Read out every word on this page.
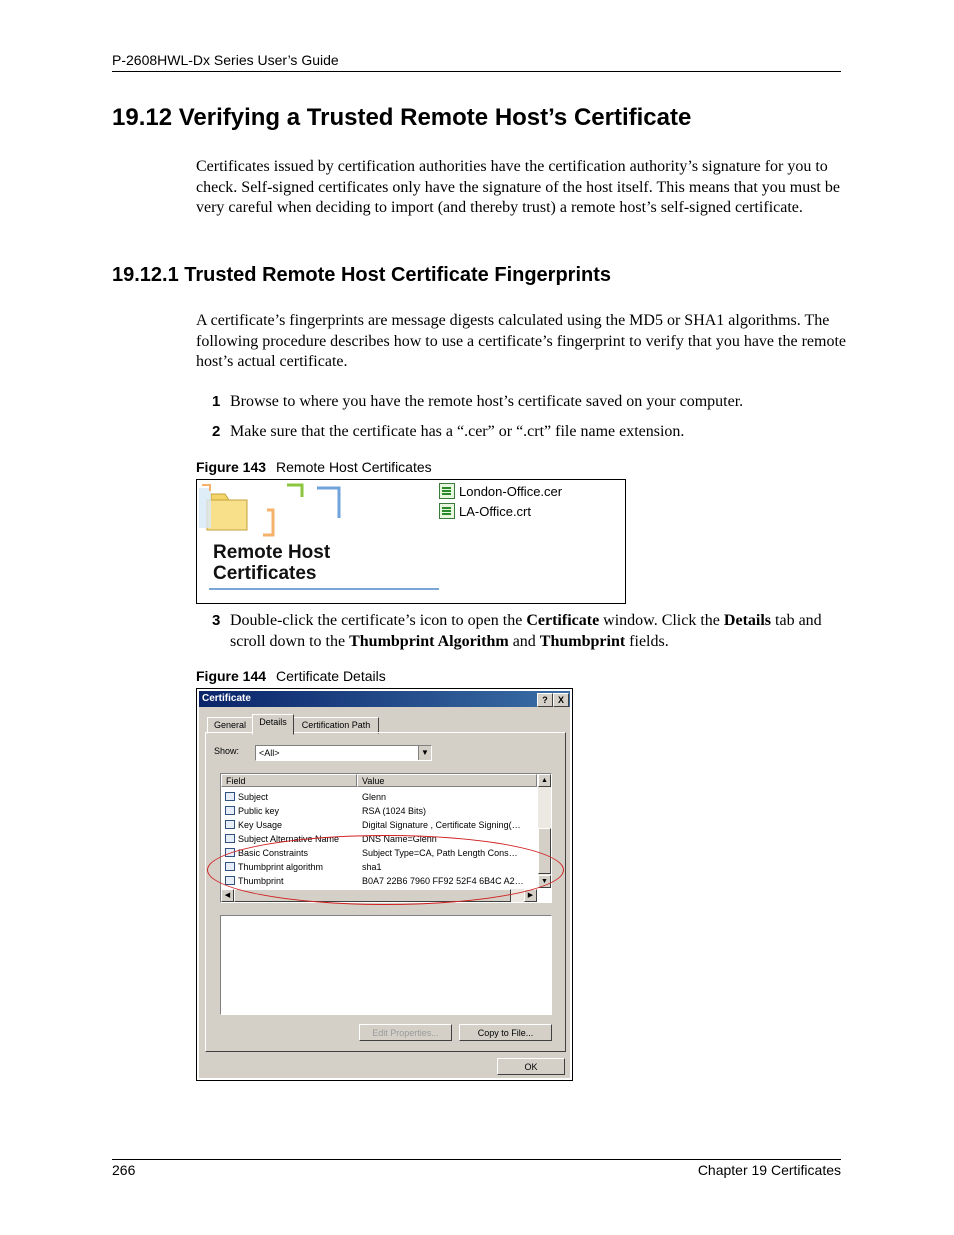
P-2608HWL-Dx Series User’s Guide
19.12 Verifying a Trusted Remote Host’s Certificate
Certificates issued by certification authorities have the certification authority’s signature for you to check. Self-signed certificates only have the signature of the host itself. This means that you must be very careful when deciding to import (and thereby trust) a remote host’s self-signed certificate.
19.12.1 Trusted Remote Host Certificate Fingerprints
A certificate’s fingerprints are message digests calculated using the MD5 or SHA1 algorithms. The following procedure describes how to use a certificate’s fingerprint to verify that you have the remote host’s actual certificate.
1 Browse to where you have the remote host’s certificate saved on your computer.
2 Make sure that the certificate has a “.cer” or “.crt” file name extension.
Figure 143 Remote Host Certificates
Remote Host
Certificates
London-Office.cer
LA-Office.crt
3 Double-click the certificate’s icon to open the Certificate window. Click the Details tab and scroll down to the Thumbprint Algorithm and Thumbprint fields.
Figure 144 Certificate Details
Certificate	?	X
General	Details	Certification Path
Show: <All>	▼
Field	Value
Subject	Glenn
Public key	RSA (1024 Bits)
Key Usage	Digital Signature , Certificate Signing(…
Subject Alternative Name	DNS Name=Glenn
Basic Constraints	Subject Type=CA, Path Length Cons…
Thumbprint algorithm	sha1
Thumbprint	B0A7 22B6 7960 FF92 52F4 6B4C A2…
▲
▼
◀	▶
Edit Properties...	Copy to File...
OK
266	Chapter 19 Certificates
